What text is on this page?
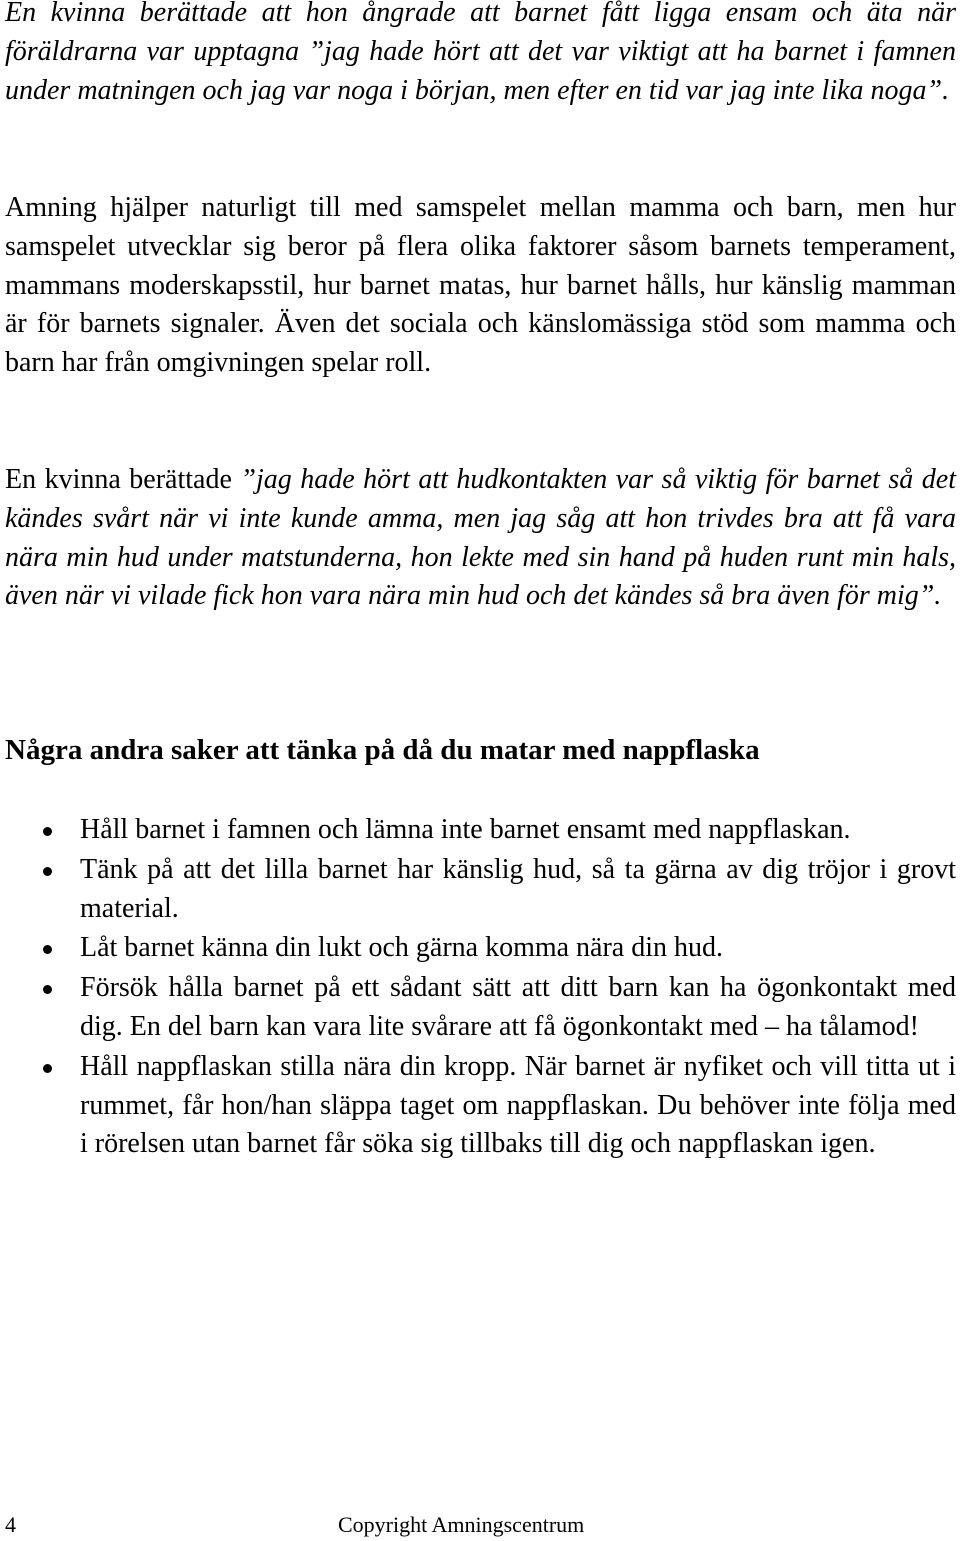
En kvinna berättade att hon ångrade att barnet fått ligga ensam och äta när föräldrarna var upptagna ”jag hade hört att det var viktigt att ha barnet i famnen under matningen och jag var noga i början, men efter en tid var jag inte lika noga”.

Amning hjälper naturligt till med samspelet mellan mamma och barn, men hur samspelet utvecklar sig beror på flera olika faktorer såsom barnets temperament, mammans moderskapsstil, hur barnet matas, hur barnet hålls, hur känslig mamman är för barnets signaler. Även det sociala och känslomässiga stöd som mamma och barn har från omgivningen spelar roll.

En kvinna berättade ”jag hade hört att hudkontakten var så viktig för barnet så det kändes svårt när vi inte kunde amma, men jag såg att hon trivdes bra att få vara nära min hud under matstunderna, hon lekte med sin hand på huden runt min hals, även när vi vilade fick hon vara nära min hud och det kändes så bra även för mig”.

Några andra saker att tänka på då du matar med nappflaska
Håll barnet i famnen och lämna inte barnet ensamt med nappflaskan.
Tänk på att det lilla barnet har känslig hud, så ta gärna av dig tröjor i grovt material.
Låt barnet känna din lukt och gärna komma nära din hud.
Försök hålla barnet på ett sådant sätt att ditt barn kan ha ögonkontakt med dig. En del barn kan vara lite svårare att få ögonkontakt med – ha tålamod!
Håll nappflaskan stilla nära din kropp. När barnet är nyfiket och vill titta ut i rummet, får hon/han släppa taget om nappflaskan. Du behöver inte följa med i rörelsen utan barnet får söka sig tillbaks till dig och nappflaskan igen.
4	Copyright Amningscentrum
